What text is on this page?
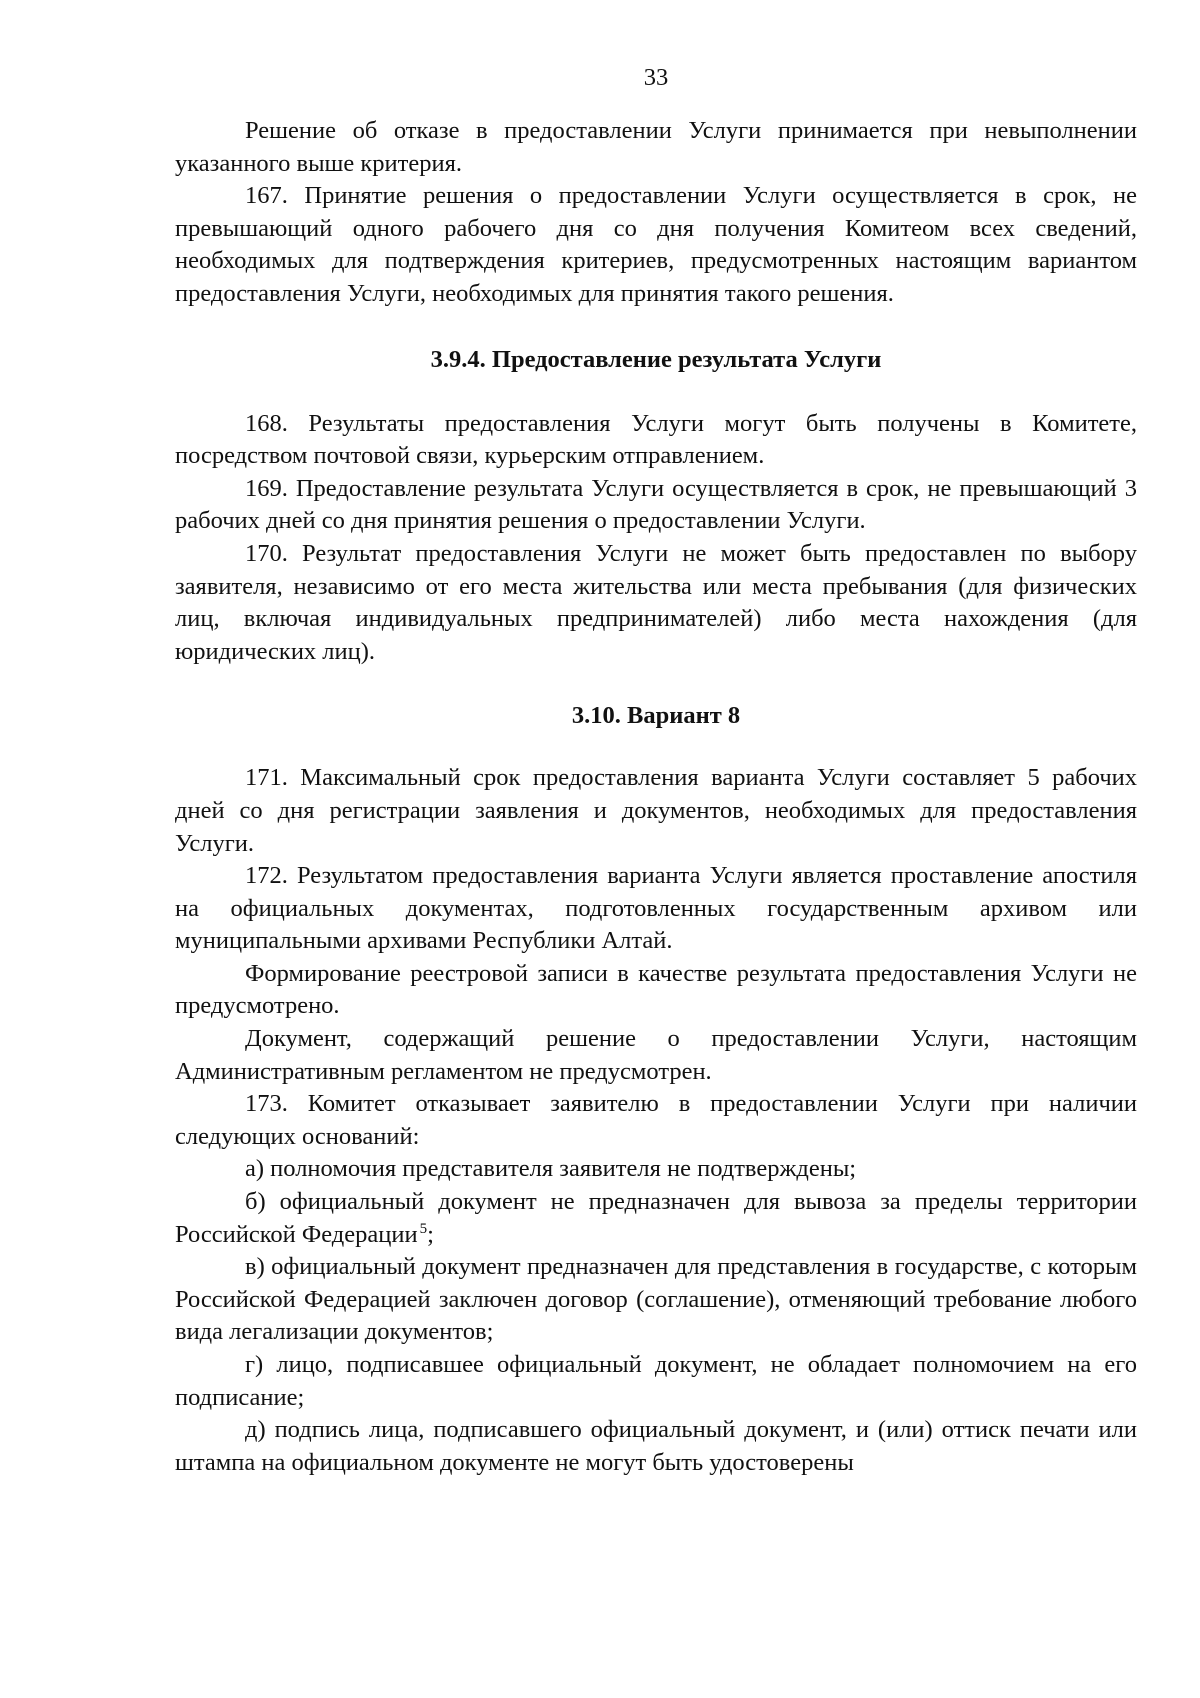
33

Решение об отказе в предоставлении Услуги принимается при невыполнении указанного выше критерия.

167. Принятие решения о предоставлении Услуги осуществляется в срок, не превышающий одного рабочего дня со дня получения Комитеом всех сведений, необходимых для подтверждения критериев, предусмотренных настоящим вариантом предоставления Услуги, необходимых для принятия такого решения.

3.9.4. Предоставление результата Услуги

168. Результаты предоставления Услуги могут быть получены в Комитете, посредством почтовой связи, курьерским отправлением.

169. Предоставление результата Услуги осуществляется в срок, не превышающий 3 рабочих дней со дня принятия решения о предоставлении Услуги.

170. Результат предоставления Услуги не может быть предоставлен по выбору заявителя, независимо от его места жительства или места пребывания (для физических лиц, включая индивидуальных предпринимателей) либо места нахождения (для юридических лиц).

3.10. Вариант 8

171. Максимальный срок предоставления варианта Услуги составляет 5 рабочих дней со дня регистрации заявления и документов, необходимых для предоставления Услуги.

172. Результатом предоставления варианта Услуги является проставление апостиля на официальных документах, подготовленных государственным архивом или муниципальными архивами Республики Алтай.

Формирование реестровой записи в качестве результата предоставления Услуги не предусмотрено.

Документ, содержащий решение о предоставлении Услуги, настоящим Административным регламентом не предусмотрен.

173. Комитет отказывает заявителю в предоставлении Услуги при наличии следующих оснований:

а) полномочия представителя заявителя не подтверждены;

б) официальный документ не предназначен для вывоза за пределы территории Российской Федерации  $^5$;

в) официальный документ предназначен для представления в государстве, с которым Российской Федерацией заключен договор (соглашение), отменяющий требование любого вида легализации документов;

г) лицо, подписавшее официальный документ, не обладает полномочием на его подписание;

д) подпись лица, подписавшего официальный документ, и (или) оттиск печати или штампа на официальном документе не могут быть удостоверены
